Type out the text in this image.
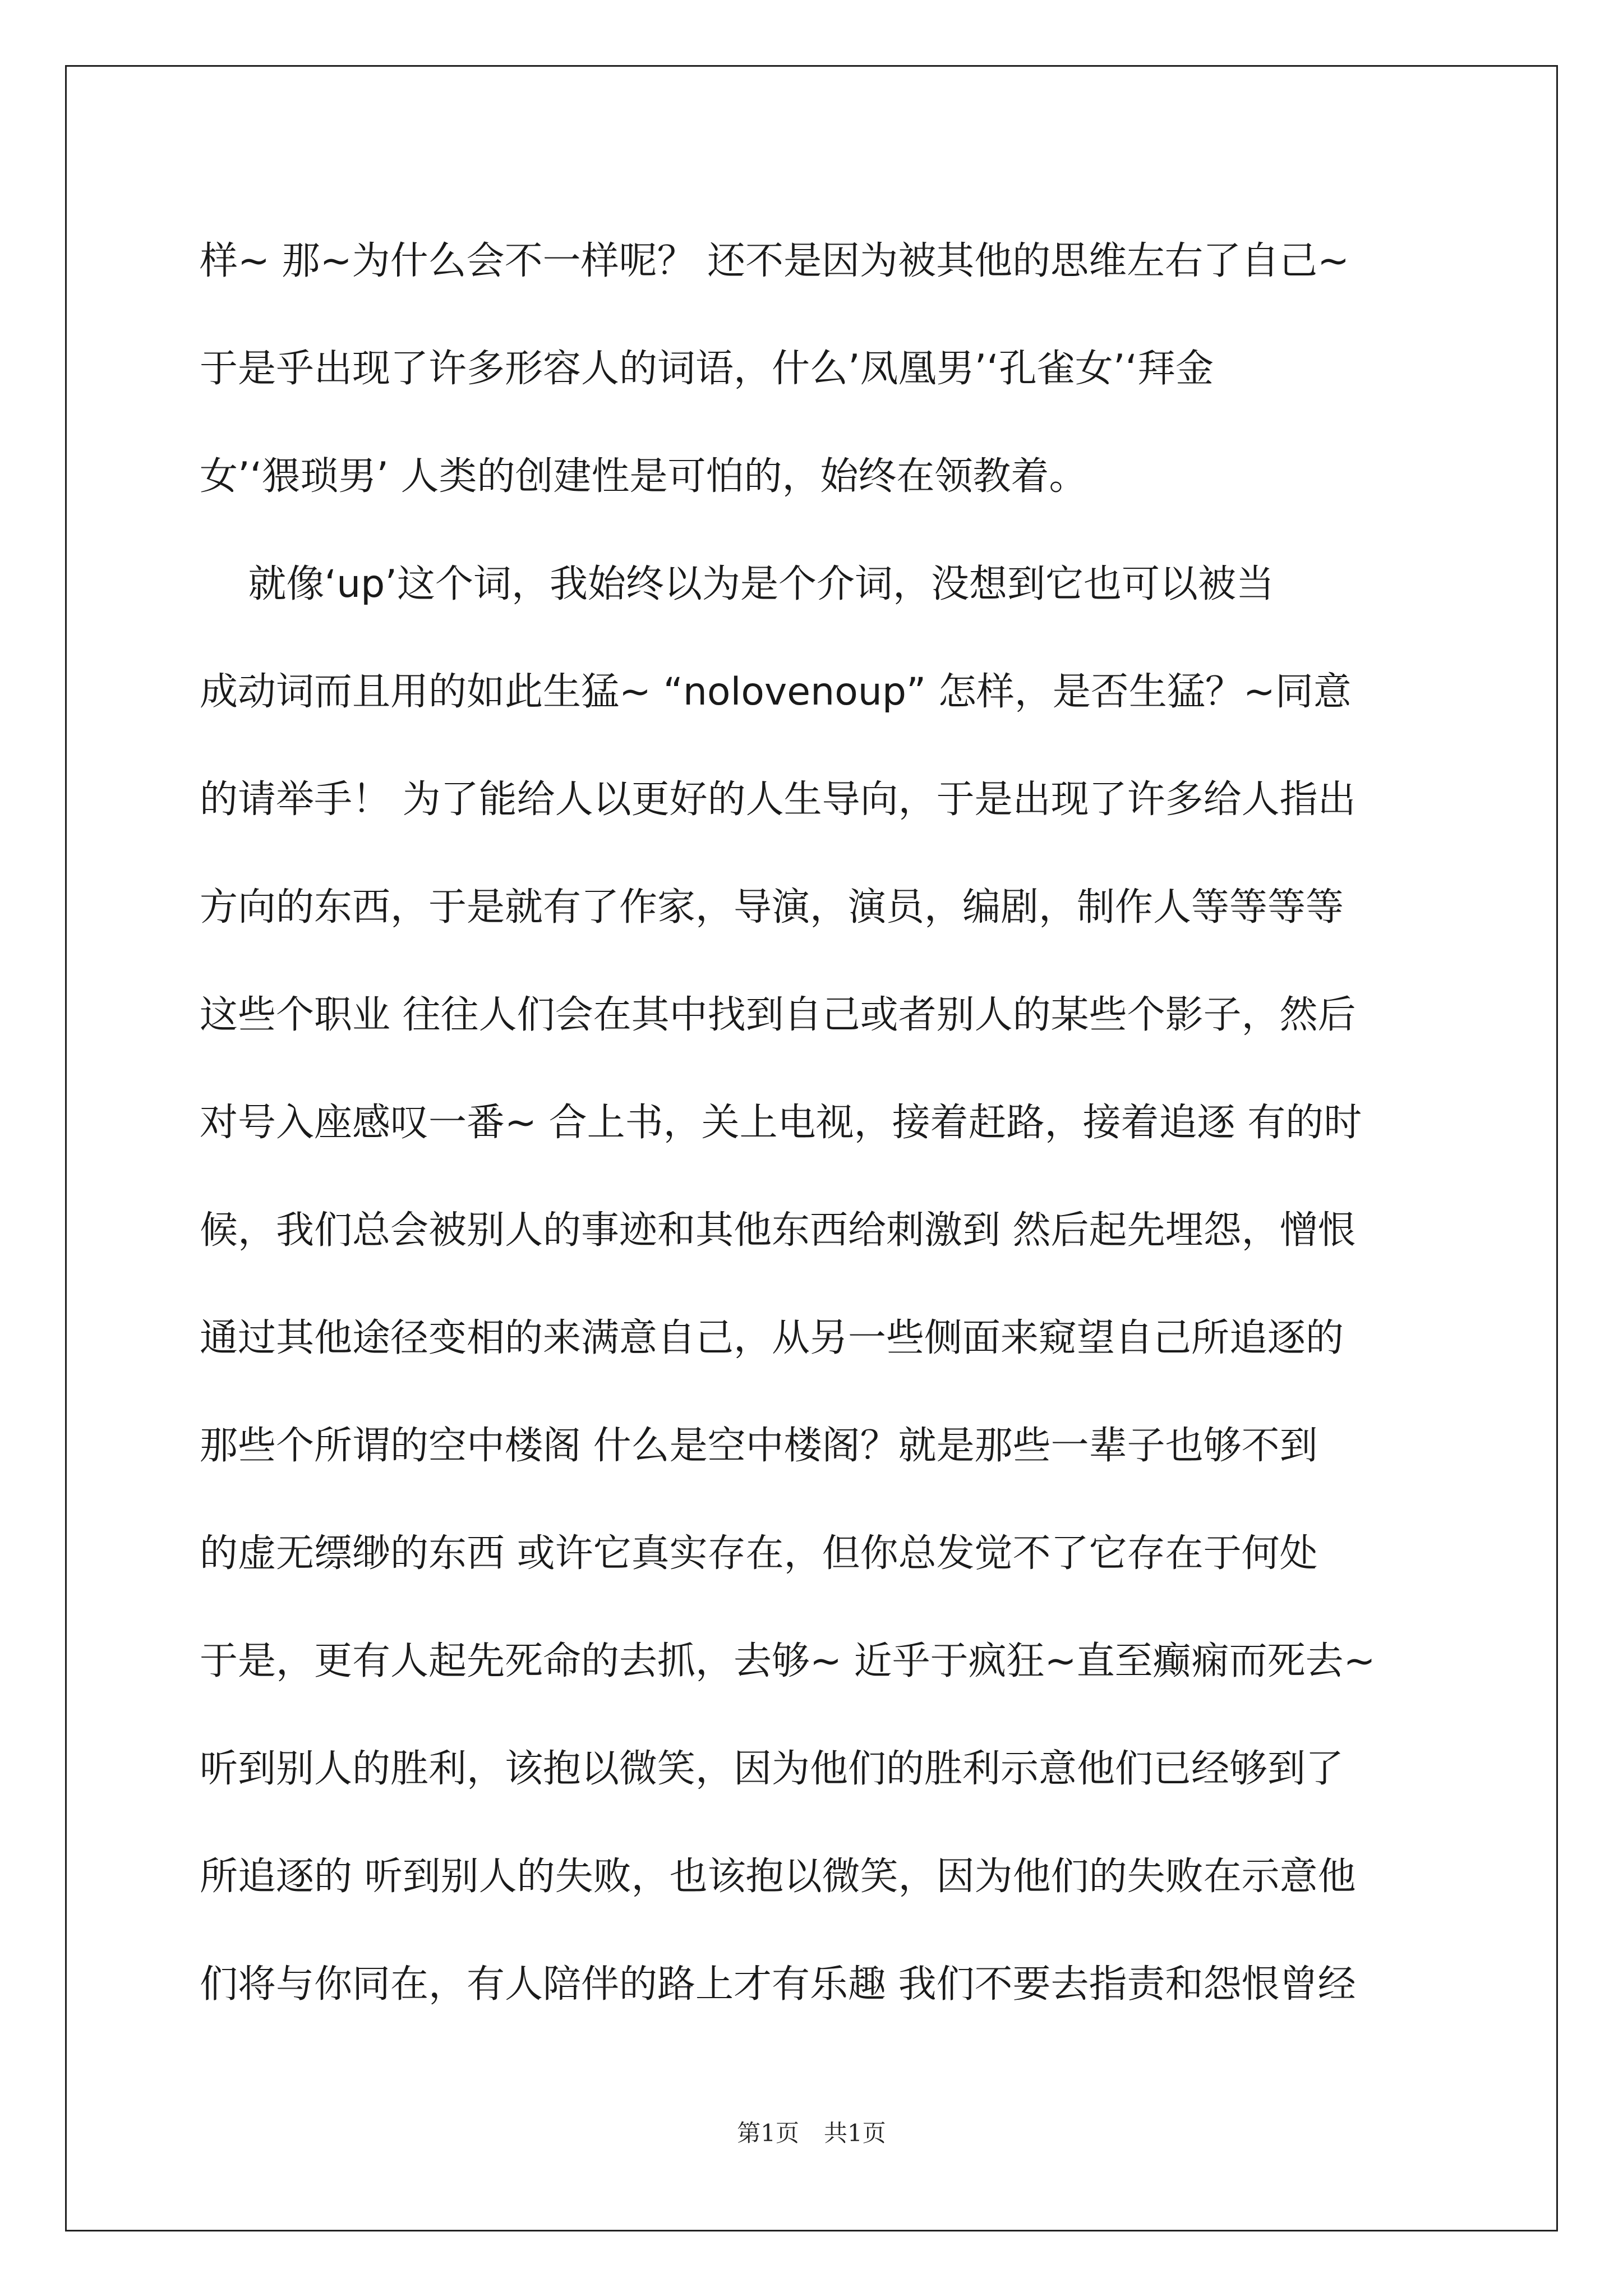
样~ 那~为什么会不一样呢？ 还不是因为被其他的思维左右了自己~
于是乎出现了许多形容人的词语，什么’凤凰男’‘孔雀女’‘拜金
女’‘猥琐男’ 人类的创建性是可怕的，始终在领教着。
就像‘up’这个词，我始终以为是个介词，没想到它也可以被当
成动词而且用的如此生猛~ “nolovenoup” 怎样，是否生猛？~同意
的请举手！ 为了能给人以更好的人生导向，于是出现了许多给人指出
方向的东西，于是就有了作家，导演，演员，编剧，制作人等等等等
这些个职业 往往人们会在其中找到自己或者别人的某些个影子，然后
对号入座感叹一番~ 合上书，关上电视，接着赶路，接着追逐 有的时
候，我们总会被别人的事迹和其他东西给刺激到 然后起先埋怨，憎恨
通过其他途径变相的来满意自己，从另一些侧面来窥望自己所追逐的
那些个所谓的空中楼阁 什么是空中楼阁？就是那些一辈子也够不到
的虚无缥缈的东西 或许它真实存在，但你总发觉不了它存在于何处
于是，更有人起先死命的去抓，去够~ 近乎于疯狂~直至癫痫而死去~
听到别人的胜利，该抱以微笑，因为他们的胜利示意他们已经够到了
所追逐的 听到别人的失败，也该抱以微笑，因为他们的失败在示意他
们将与你同在，有人陪伴的路上才有乐趣 我们不要去指责和怨恨曾经
第1页 共1页
